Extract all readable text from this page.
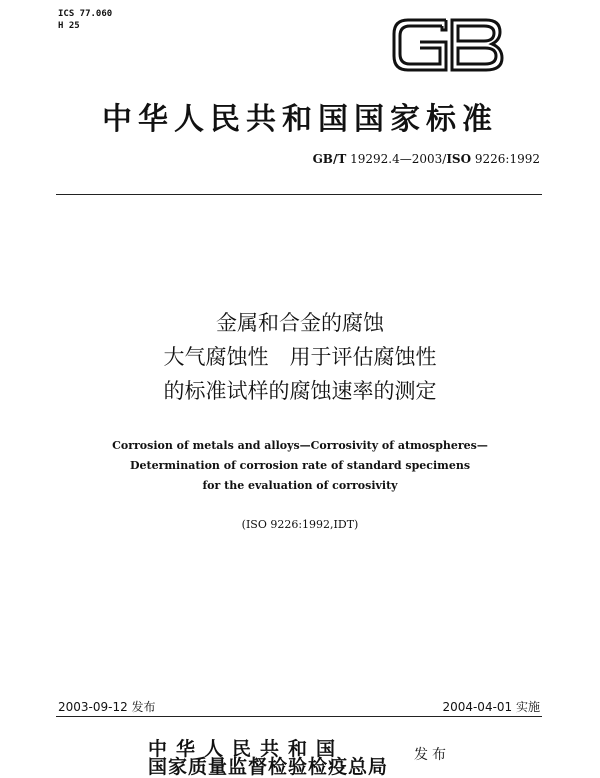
ICS 77.060
H 25
中华人民共和国国家标准
GB/T 19292.4—2003/ISO 9226:1992
金属和合金的腐蚀
大气腐蚀性　用于评估腐蚀性
的标准试样的腐蚀速率的测定
Corrosion of metals and alloys—Corrosivity of atmospheres—
Determination of corrosion rate of standard specimens
for the evaluation of corrosivity
(ISO 9226:1992,IDT)
2003-09-12 发布	2004-04-01 实施
中华人民共和国
国家质量监督检验检疫总局
发布
